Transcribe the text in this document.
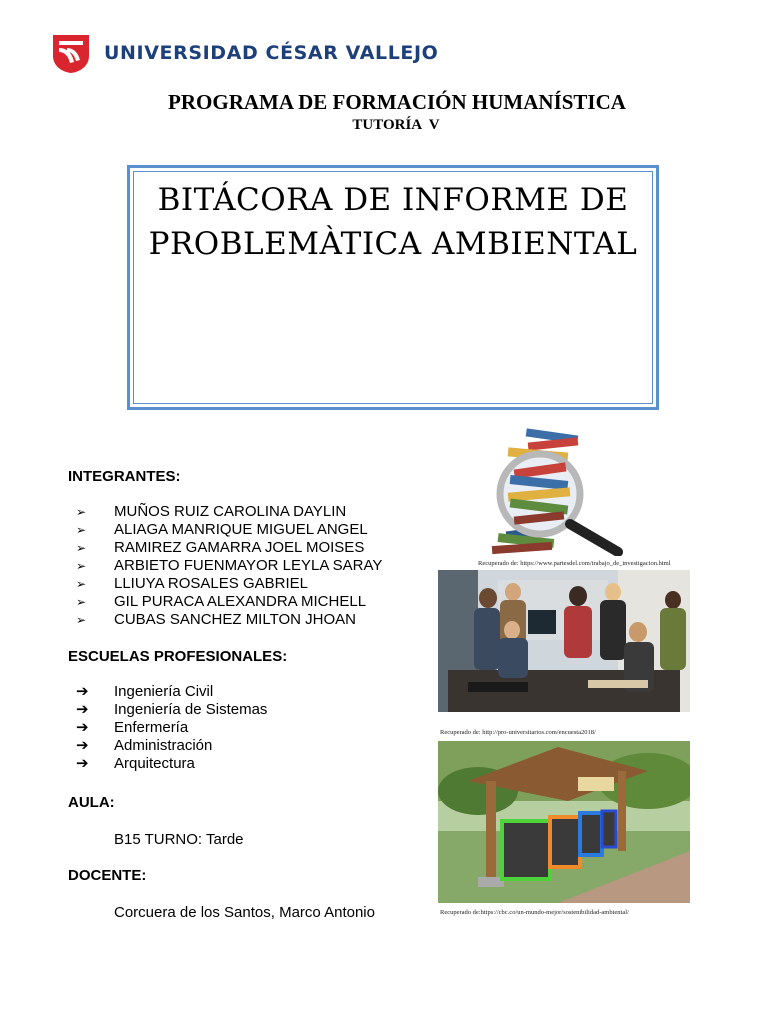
UNIVERSIDAD CÉSAR VALLEJO
PROGRAMA DE FORMACIÓN HUMANÍSTICA
TUTORÍA V
BITÁCORA DE INFORME DE
PROBLEMÀTICA AMBIENTAL
INTEGRANTES:
➢ MUÑOS RUIZ CAROLINA DAYLIN
➢ ALIAGA MANRIQUE MIGUEL ANGEL
➢ RAMIREZ GAMARRA JOEL MOISES
➢ ARBIETO FUENMAYOR LEYLA SARAY
➢ LLIUYA ROSALES GABRIEL
➢ GIL PURACA ALEXANDRA MICHELL
➢ CUBAS SANCHEZ MILTON JHOAN
ESCUELAS PROFESIONALES:
➔ Ingeniería Civil
➔ Ingeniería de Sistemas
➔ Enfermería
➔ Administración
➔ Arquitectura
AULA:
B15 TURNO: Tarde
DOCENTE:
Corcuera de los Santos, Marco Antonio
Recuperado de: https://www.partesdel.com/trabajo_de_investigacion.html
Recuperado de: http://pro-universitarios.com/encuesta2018/
Recuperado de:https://cbc.co/un-mundo-mejor/sostenibilidad-ambiental/
